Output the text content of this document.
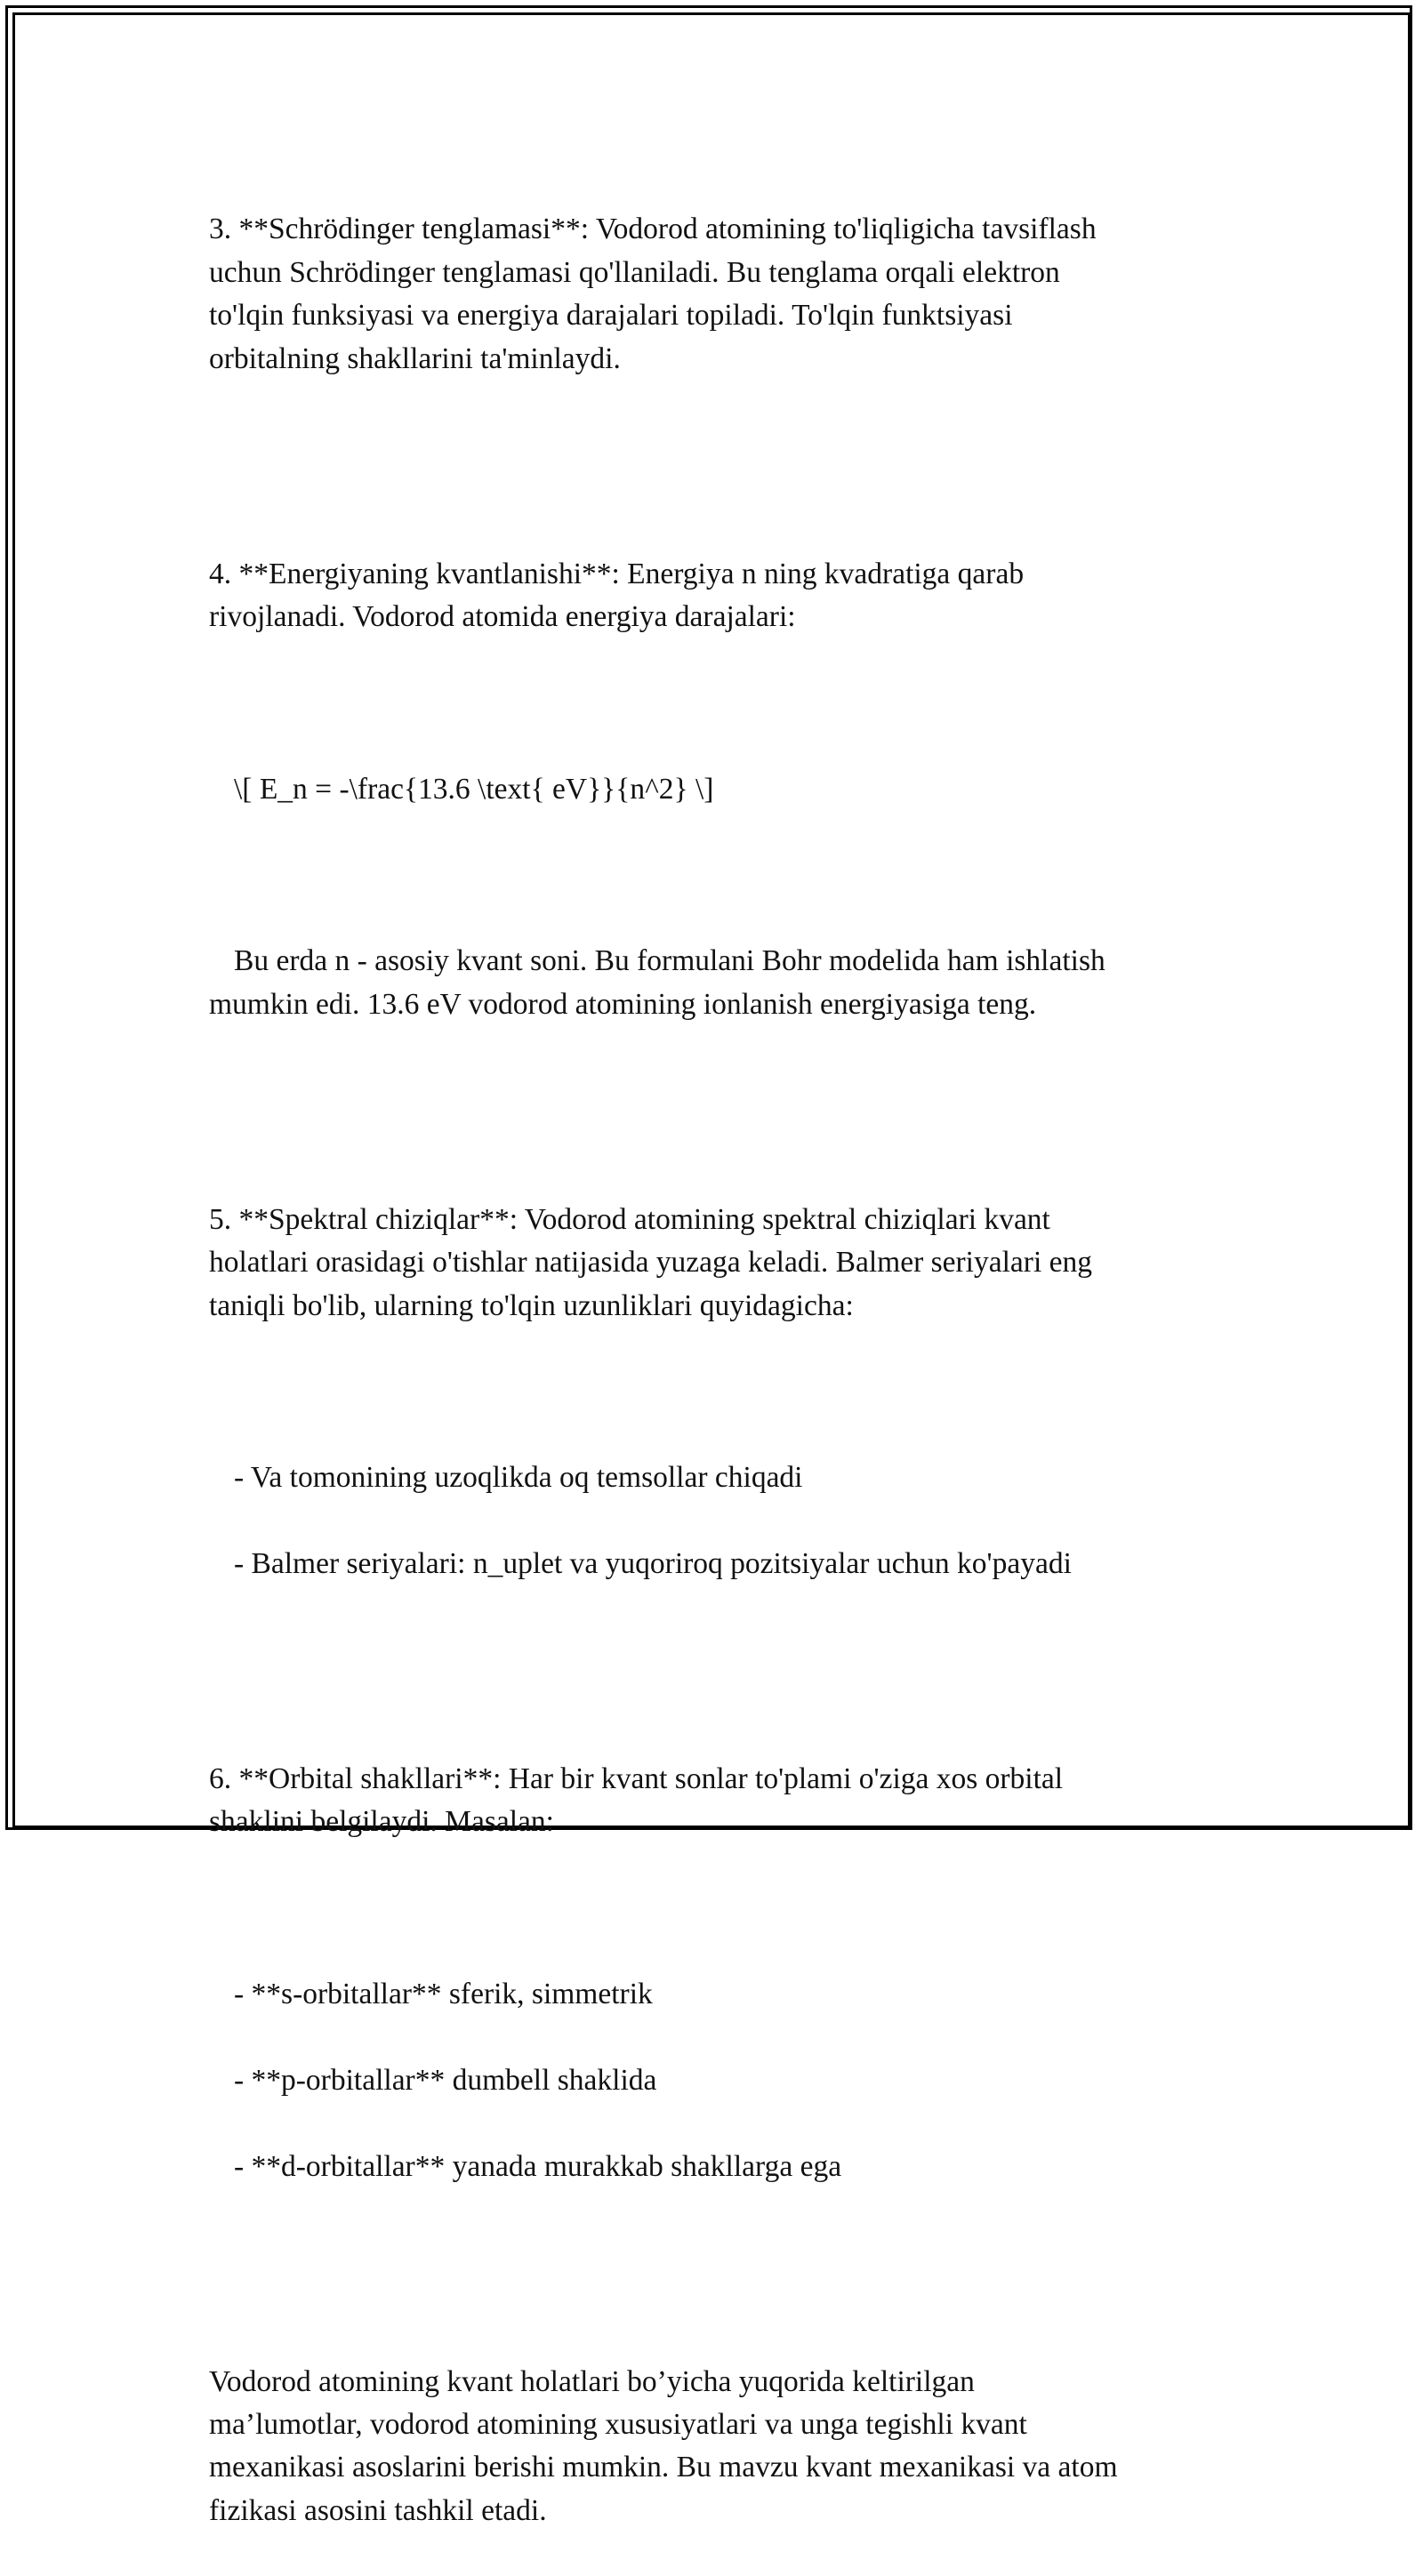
3. **Schrödinger tenglamasi**: Vodorod atomining to'liqligicha tavsiflash
uchun Schrödinger tenglamasi qo'llaniladi. Bu tenglama orqali elektron
to'lqin funksiyasi va energiya darajalari topiladi. To'lqin funktsiyasi
orbitalning shakllarini ta'minlaydi.

4. **Energiyaning kvantlanishi**: Energiya n ning kvadratiga qarab
rivojlanadi. Vodorod atomida energiya darajalari:

\[ E_n = -\frac{13.6 \text{ eV}}{n^2} \]

Bu erda n - asosiy kvant soni. Bu formulani Bohr modelida ham ishlatish
mumkin edi. 13.6 eV vodorod atomining ionlanish energiyasiga teng.

5. **Spektral chiziqlar**: Vodorod atomining spektral chiziqlari kvant
holatlari orasidagi o'tishlar natijasida yuzaga keladi. Balmer seriyalari eng
taniqli bo'lib, ularning to'lqin uzunliklari quyidagicha:

- Va tomonining uzoqlikda oq temsollar chiqadi

- Balmer seriyalari: n_uplet va yuqoriroq pozitsiyalar uchun ko'payadi

6. **Orbital shakllari**: Har bir kvant sonlar to'plami o'ziga xos orbital
shaklini belgilaydi. Masalan:

- **s-orbitallar** sferik, simmetrik

- **p-orbitallar** dumbell shaklida

- **d-orbitallar** yanada murakkab shakllarga ega

Vodorod atomining kvant holatlari bo’yicha yuqorida keltirilgan
ma’lumotlar, vodorod atomining xususiyatlari va unga tegishli kvant
mexanikasi asoslarini berishi mumkin. Bu mavzu kvant mexanikasi va atom
fizikasi asosini tashkil etadi.
